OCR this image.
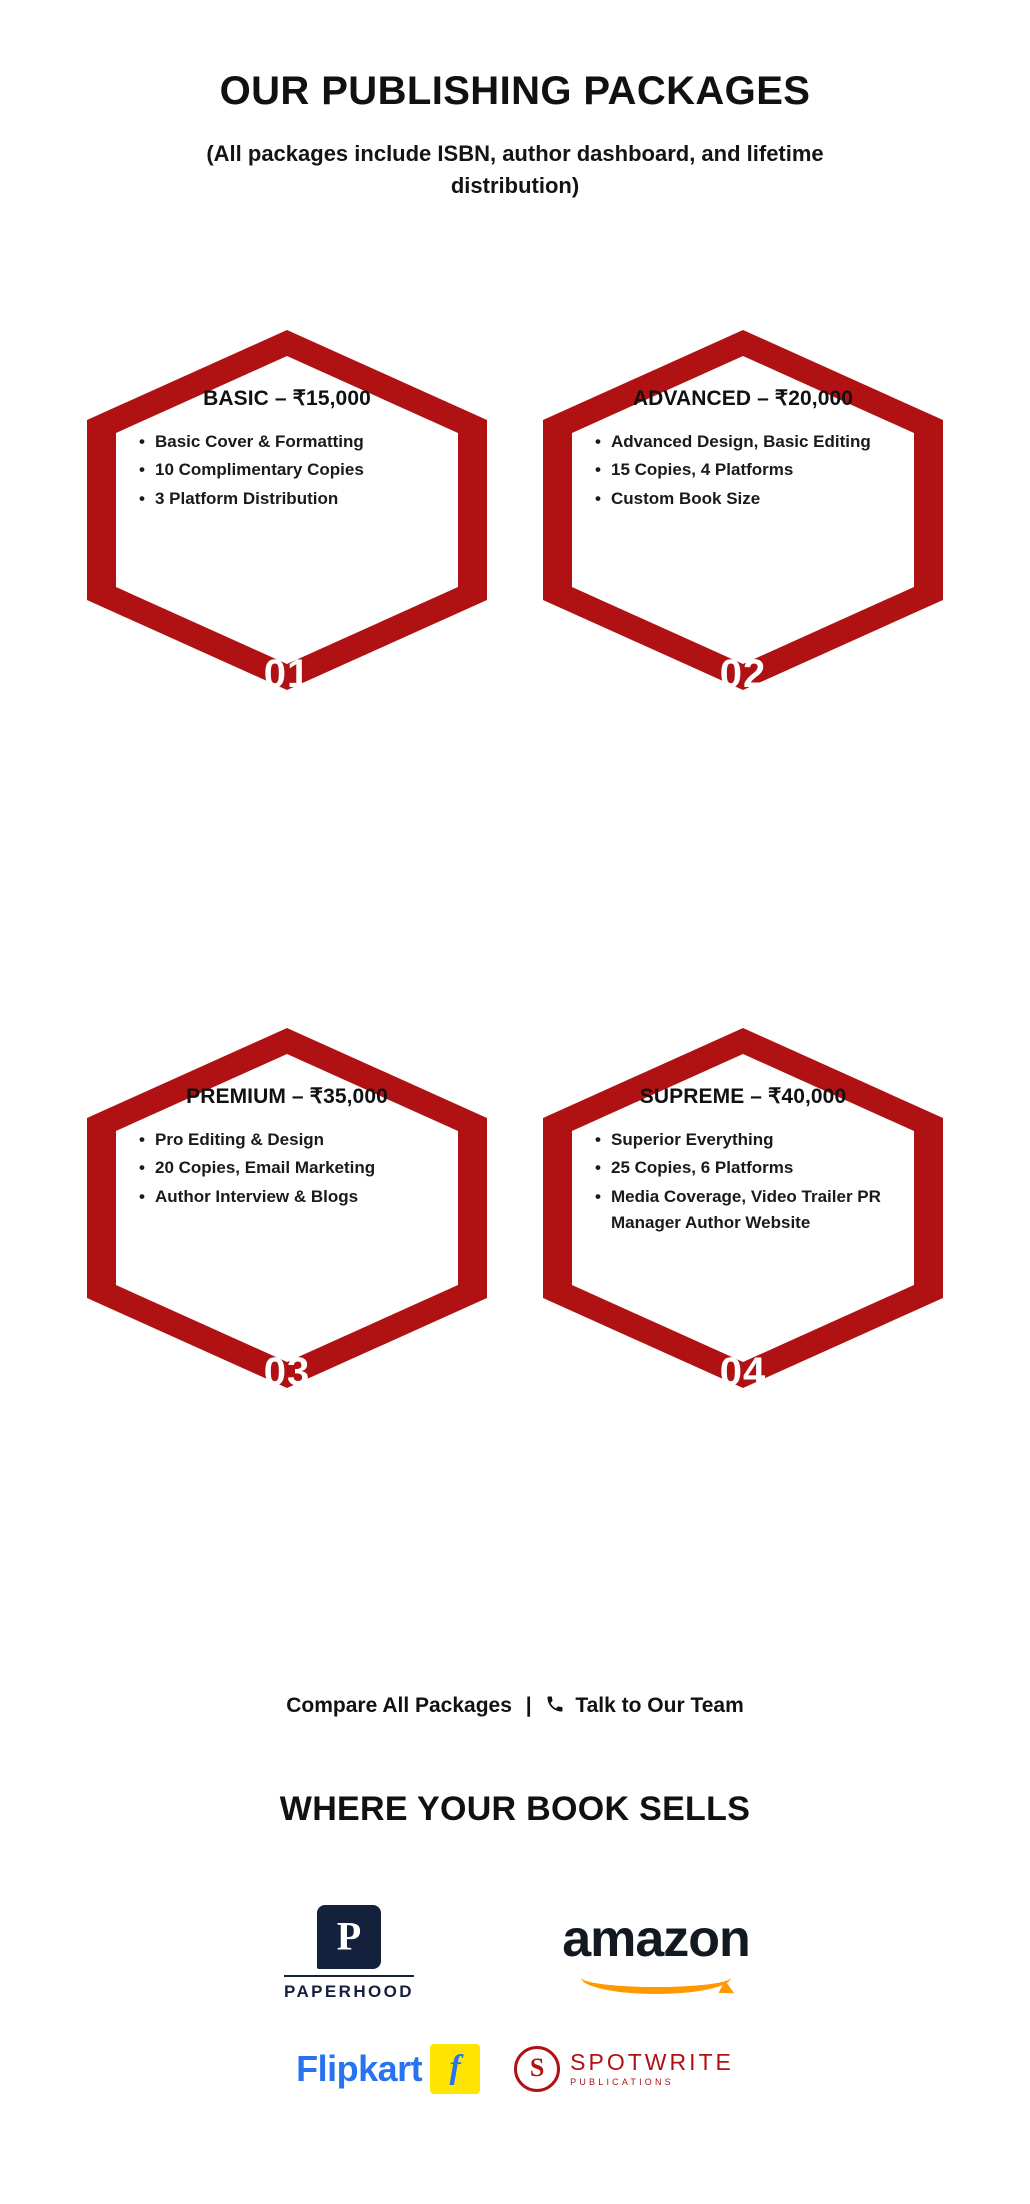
OUR PUBLISHING PACKAGES
(All packages include ISBN, author dashboard, and lifetime distribution)
BASIC – ₹15,000
• Basic Cover & Formatting
• 10 Complimentary Copies
• 3 Platform Distribution
01
ADVANCED – ₹20,000
• Advanced Design, Basic Editing
• 15 Copies, 4 Platforms
• Custom Book Size
02
PREMIUM – ₹35,000
• Pro Editing & Design
• 20 Copies, Email Marketing
• Author Interview & Blogs
03
SUPREME – ₹40,000
• Superior Everything
• 25 Copies, 6 Platforms
• Media Coverage, Video Trailer PR Manager Author Website
04
Compare All Packages | Talk to Our Team
WHERE YOUR BOOK SELLS
P
PAPERHOOD
amazon
Flipkart f S	SPOTWRITE
PUBLICATIONS
